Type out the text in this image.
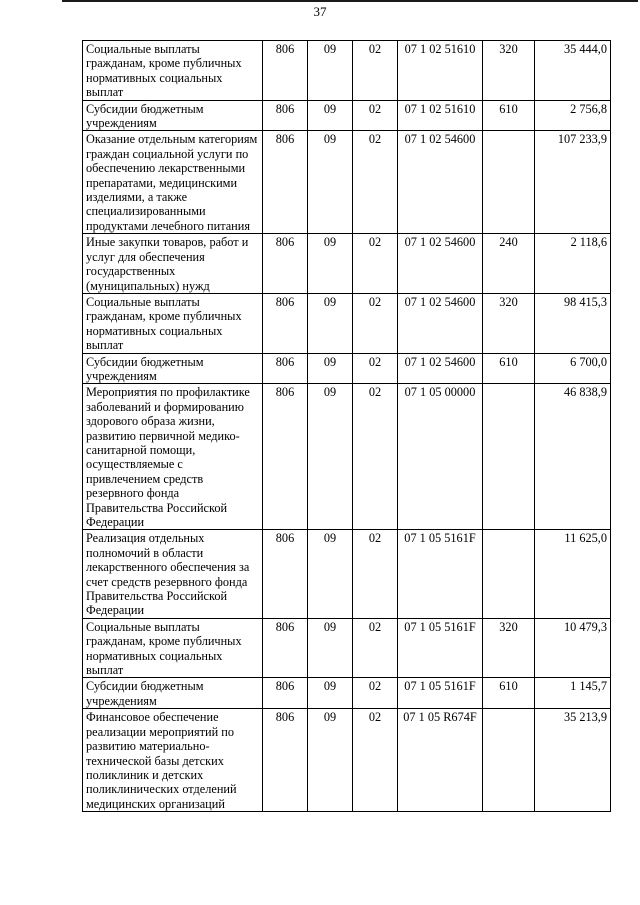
37
Социальные выплаты гражданам, кроме публичных нормативных социальных выплат	806	09	02	07 1 02 51610	320	35 444,0
Субсидии бюджетным учреждениям	806	09	02	07 1 02 51610	610	2 756,8
Оказание отдельным категориям граждан социальной услуги по обеспечению лекарственными препаратами, медицинскими изделиями, а также специализированными продуктами лечебного питания	806	09	02	07 1 02 54600		107 233,9
Иные закупки товаров, работ и услуг для обеспечения государственных (муниципальных) нужд	806	09	02	07 1 02 54600	240	2 118,6
Социальные выплаты гражданам, кроме публичных нормативных социальных выплат	806	09	02	07 1 02 54600	320	98 415,3
Субсидии бюджетным учреждениям	806	09	02	07 1 02 54600	610	6 700,0
Мероприятия по профилактике заболеваний и формированию здорового образа жизни, развитию первичной медико-санитарной помощи, осуществляемые с привлечением средств резервного фонда Правительства Российской Федерации	806	09	02	07 1 05 00000		46 838,9
Реализация отдельных полномочий в области лекарственного обеспечения за счет средств резервного фонда Правительства Российской Федерации	806	09	02	07 1 05 5161F		11 625,0
Социальные выплаты гражданам, кроме публичных нормативных социальных выплат	806	09	02	07 1 05 5161F	320	10 479,3
Субсидии бюджетным учреждениям	806	09	02	07 1 05 5161F	610	1 145,7
Финансовое обеспечение реализации мероприятий по развитию материально-технической базы детских поликлиник и детских поликлинических отделений медицинских организаций	806	09	02	07 1 05 R674F		35 213,9
